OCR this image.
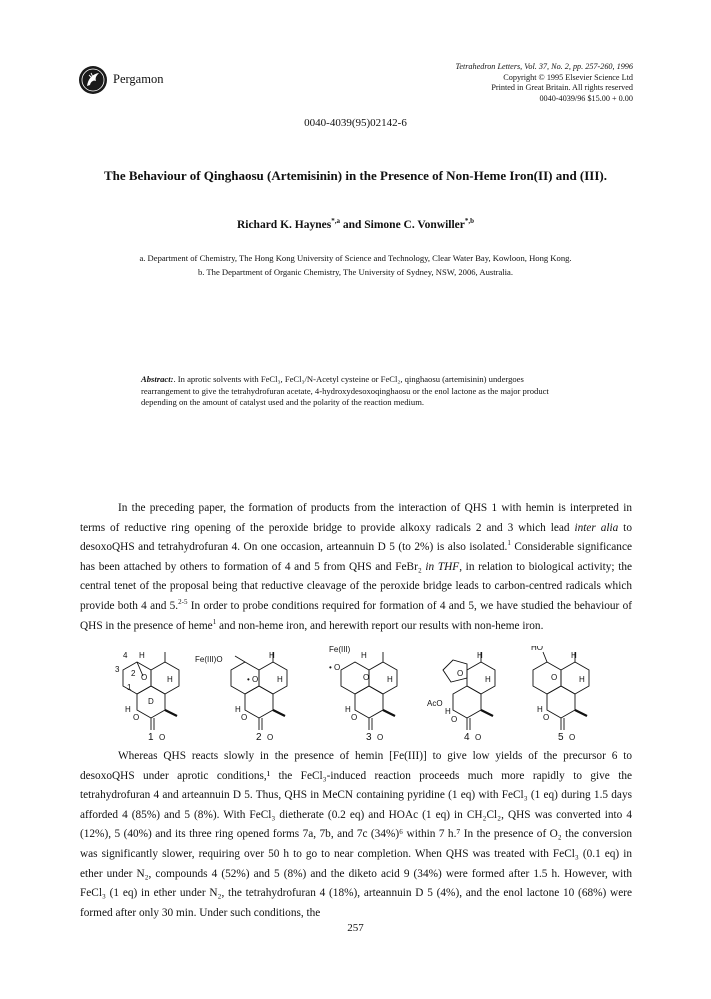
Pergamon
Tetrahedron Letters, Vol. 37, No. 2, pp. 257-260, 1996
Copyright © 1995 Elsevier Science Ltd
Printed in Great Britain. All rights reserved
0040-4039/96 $15.00 + 0.00
0040-4039(95)02142-6
The Behaviour of Qinghaosu (Artemisinin) in the Presence of Non-Heme Iron(II) and (III).
Richard K. Haynes$^{*,a}$ and Simone C. Vonwiller$^{*,b}$
a. Department of Chemistry, The Hong Kong University of Science and Technology, Clear Water Bay, Kowloon, Hong Kong.
b. The Department of Organic Chemistry, The University of Sydney, NSW, 2006, Australia.
Abstract:. In aprotic solvents with FeCl₃, FeCl₃/N-Acetyl cysteine or FeCl₂, qinghaosu (artemisinin) undergoes rearrangement to give the tetrahydrofuran acetate, 4-hydroxydesoxoqinghaosu or the enol lactone as the major product depending on the amount of catalyst used and the polarity of the reaction medium.

In the preceding paper, the formation of products from the interaction of QHS 1 with hemin is interpreted in terms of reductive ring opening of the peroxide bridge to provide alkoxy radicals 2 and 3 which lead inter alia to desoxoQHS and tetrahydrofuran 4. On one occasion, arteannuin D 5 (to 2%) is also isolated.$^1$ Considerable significance has been attached by others to formation of 4 and 5 from QHS and FeBr₂ in THF, in relation to biological activity; the central tenet of the proposal being that reductive cleavage of the peroxide bridge leads to carbon-centred radicals which provide both 4 and 5.$^{2-5}$ In order to probe conditions required for formation of 4 and 5, we have studied the behaviour of QHS in the presence of heme$^1$ and non-heme iron, and herewith report our results with non-heme iron.

4 H
3 2 O
1
H
D
H
O
1 O
Fe(III)O	H
• O H
H
O
2 O
Fe(III)
• O
H
O H
H
O
3 O
H
O
H
AcO
H
O
4 O
HO
H
O	H
H
O
5 O

Whereas QHS reacts slowly in the presence of hemin [Fe(III)] to give low yields of the precursor 6 to desoxoQHS under aprotic conditions,¹ the FeCl₃-induced reaction proceeds much more rapidly to give the tetrahydrofuran 4 and arteannuin D 5. Thus, QHS in MeCN containing pyridine (1 eq) with FeCl₃ (1 eq) during 1.5 days afforded 4 (85%) and 5 (8%). With FeCl₃ dietherate (0.2 eq) and HOAc (1 eq) in CH₂Cl₂, QHS was converted into 4 (12%), 5 (40%) and its three ring opened forms 7a, 7b, and 7c (34%)⁶ within 7 h.⁷ In the presence of O₂ the conversion was significantly slower, requiring over 50 h to go to near completion. When QHS was treated with FeCl₃ (0.1 eq) in ether under N₂, compounds 4 (52%) and 5 (8%) and the diketo acid 9 (34%) were formed after 1.5 h. However, with FeCl₃ (1 eq) in ether under N₂, the tetrahydrofuran 4 (18%), arteannuin D 5 (4%), and the enol lactone 10 (68%) were formed after only 30 min. Under such conditions, the

257
